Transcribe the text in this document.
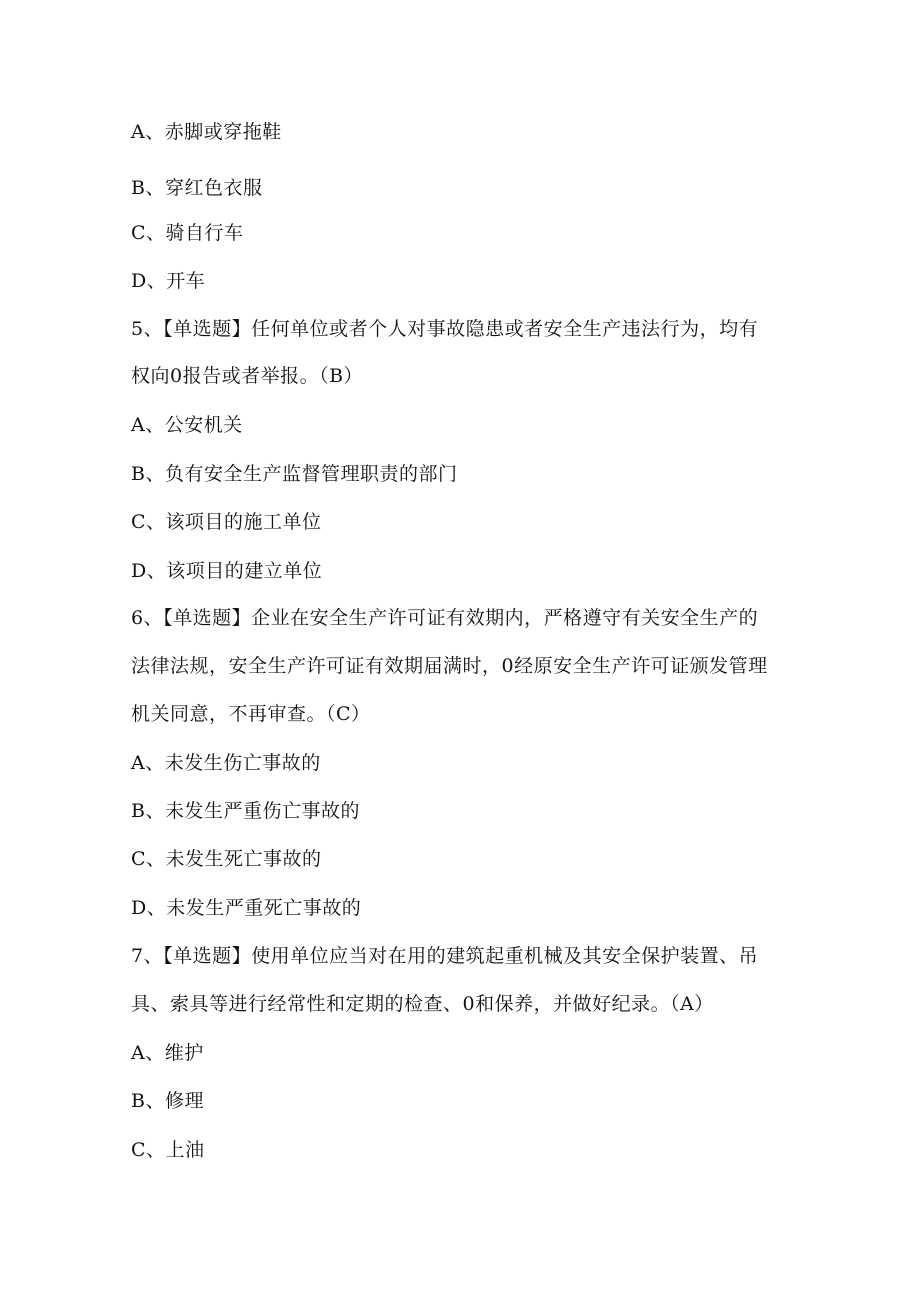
A、赤脚或穿拖鞋
B、穿红色衣服
C、骑自行车
D、开车
5、【单选题】任何单位或者个人对事故隐患或者安全生产违法行为，均有
权向0报告或者举报。（B）
A、公安机关
B、负有安全生产监督管理职责的部门
C、该项目的施工单位
D、该项目的建立单位
6、【单选题】企业在安全生产许可证有效期内，严格遵守有关安全生产的
法律法规，安全生产许可证有效期届满时，0经原安全生产许可证颁发管理
机关同意，不再审查。（C）
A、未发生伤亡事故的
B、未发生严重伤亡事故的
C、未发生死亡事故的
D、未发生严重死亡事故的
7、【单选题】使用单位应当对在用的建筑起重机械及其安全保护装置、吊
具、索具等进行经常性和定期的检查、0和保养，并做好纪录。（A）
A、维护
B、修理
C、上油
